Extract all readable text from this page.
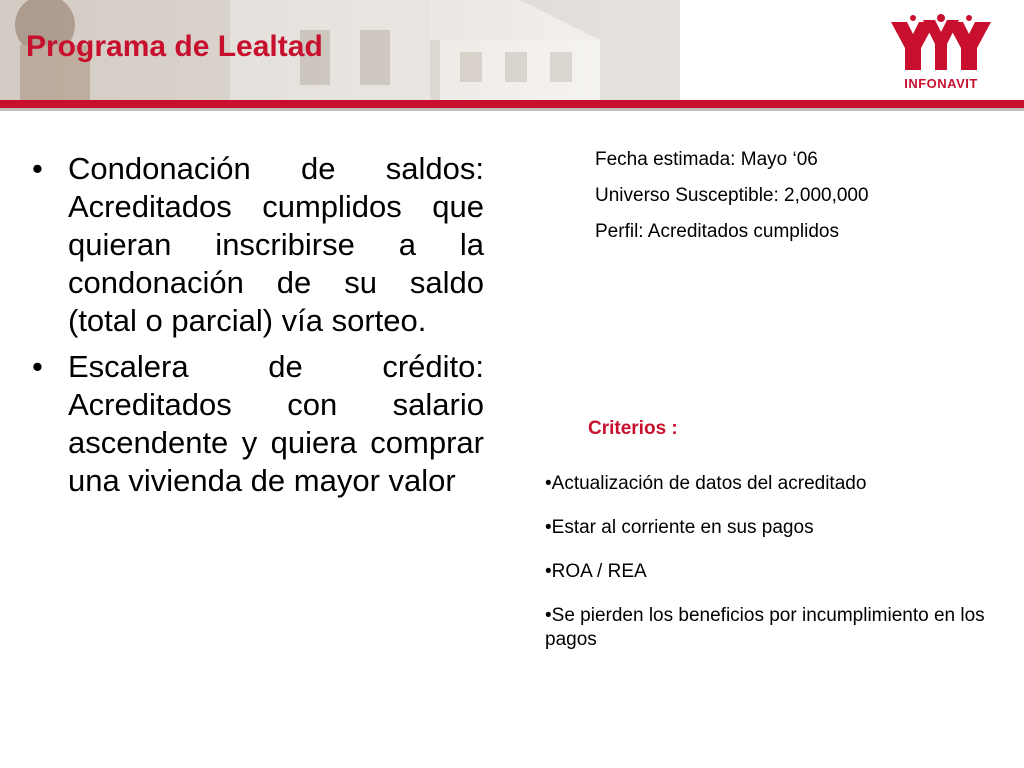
Programa de Lealtad
INFONAVIT
• Condonación de saldos: Acreditados cumplidos que quieran inscribirse a la condonación de su saldo (total o parcial) vía sorteo.
• Escalera de crédito: Acreditados con salario ascendente y quiera comprar una vivienda de mayor valor

Fecha estimada: Mayo ‘06

Universo Susceptible: 2,000,000

Perfil: Acreditados cumplidos

Criterios :
•Actualización de datos del acreditado
•Estar al corriente en sus pagos
•ROA / REA
•Se pierden los beneficios por incumplimiento en los pagos
